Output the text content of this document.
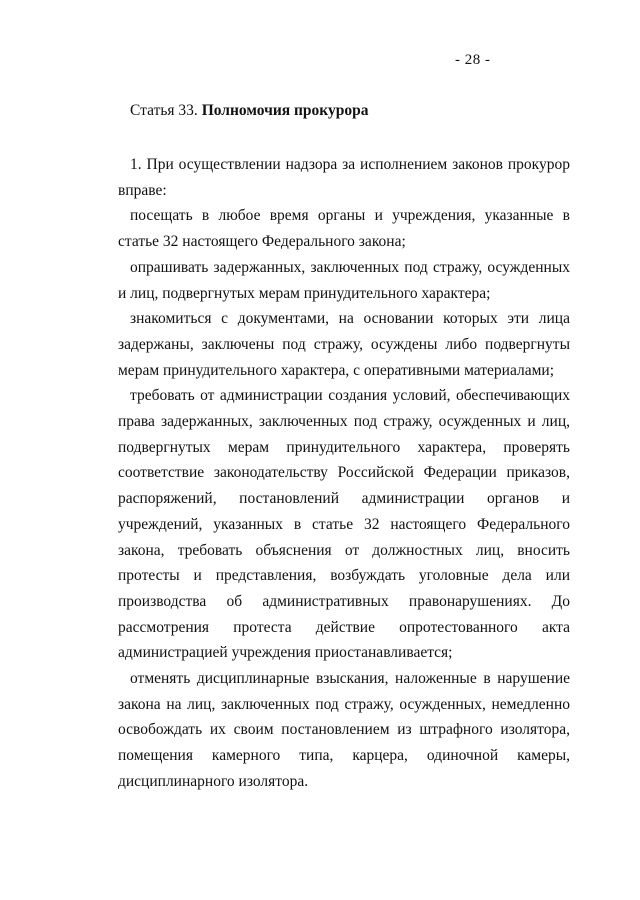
- 28 -
Статья 33. Полномочия прокурора

1. При осуществлении надзора за исполнением законов прокурор вправе:

посещать в любое время органы и учреждения, указанные в статье 32 настоящего Федерального закона;

опрашивать задержанных, заключенных под стражу, осужденных и лиц, подвергнутых мерам принудительного характера;

знакомиться с документами, на основании которых эти лица задержаны, заключены под стражу, осуждены либо подвергнуты мерам принудительного характера, с оперативными материалами;

требовать от администрации создания условий, обеспечивающих права задержанных, заключенных под стражу, осужденных и лиц, подвергнутых мерам принудительного характера, проверять соответствие законодательству Российской Федерации приказов, распоряжений, постановлений администрации органов и учреждений, указанных в статье 32 настоящего Федерального закона, требовать объяснения от должностных лиц, вносить протесты и представления, возбуждать уголовные дела или производства об административных правонарушениях. До рассмотрения протеста действие опротестованного акта администрацией учреждения приостанавливается;

отменять дисциплинарные взыскания, наложенные в нарушение закона на лиц, заключенных под стражу, осужденных, немедленно освобождать их своим постановлением из штрафного изолятора, помещения камерного типа, карцера, одиночной камеры, дисциплинарного изолятора.
